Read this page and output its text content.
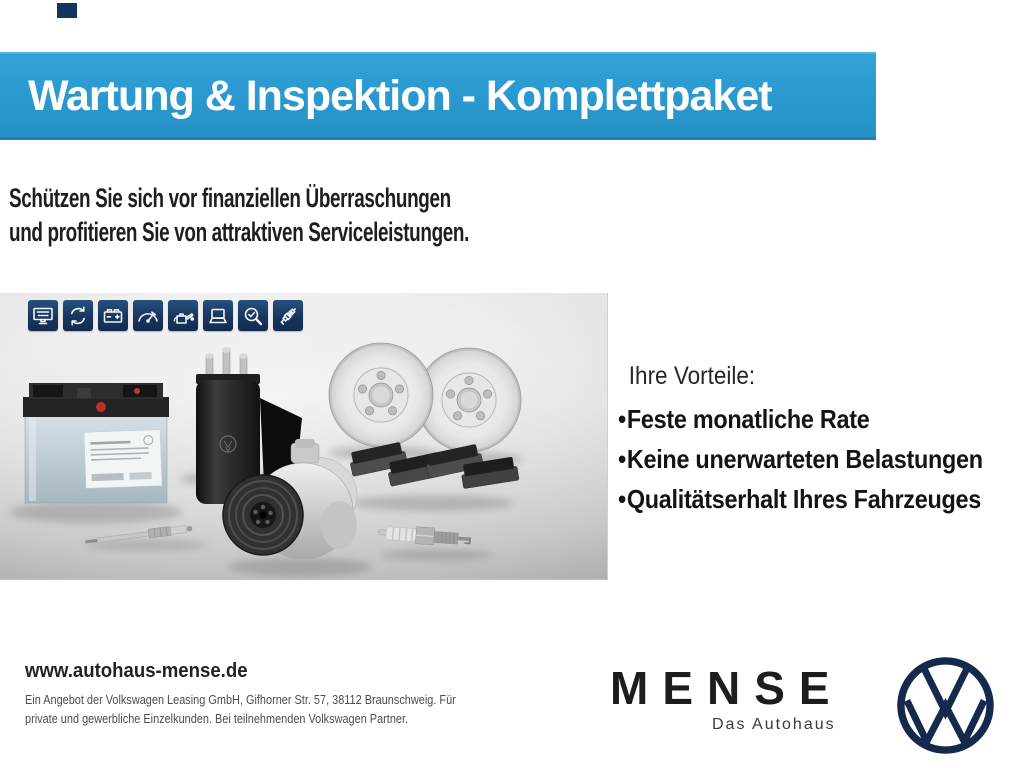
Wartung & Inspektion - Komplettpaket
Schützen Sie sich vor finanziellen Überraschungen
und profitieren Sie von attraktiven Serviceleistungen.
Ihre Vorteile:
•Feste monatliche Rate
•Keine unerwarteten Belastungen
•Qualitätserhalt Ihres Fahrzeuges
www.autohaus-mense.de
Ein Angebot der Volkswagen Leasing GmbH, Gifhorner Str. 57, 38112 Braunschweig. Für
private und gewerbliche Einzelkunden. Bei teilnehmenden Volkswagen Partner.
MENSE
Das Autohaus
